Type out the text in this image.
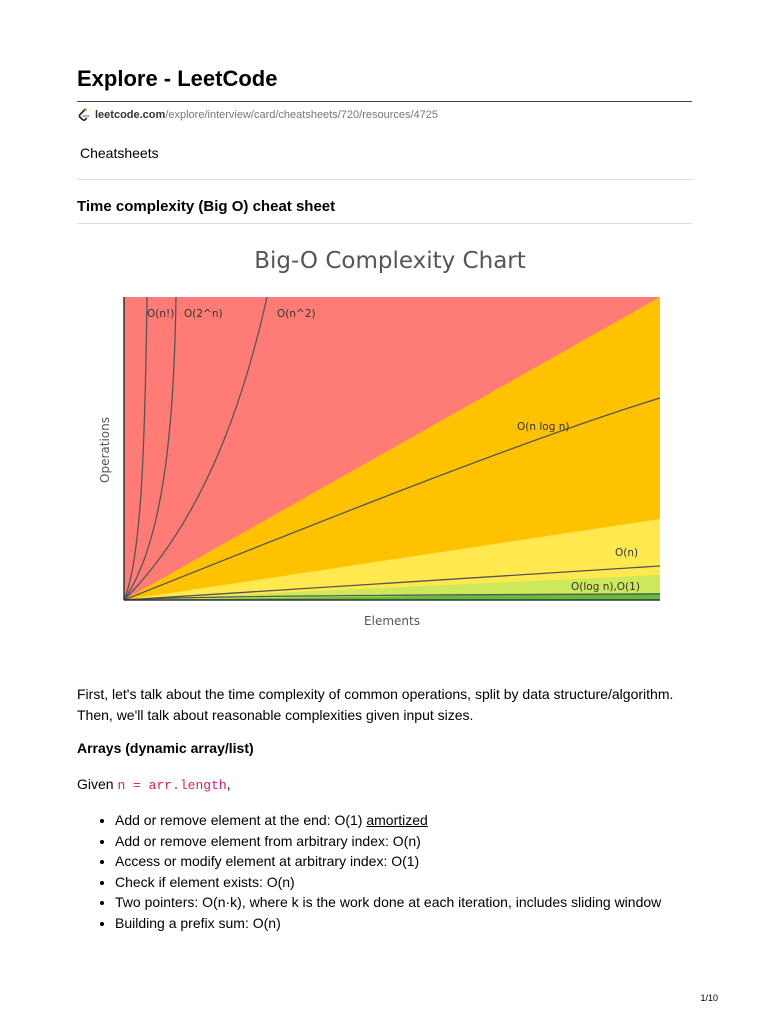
Explore - LeetCode
leetcode.com /explore/interview/card/cheatsheets/720/resources/4725
Cheatsheets
Time complexity (Big O) cheat sheet
Big-O Complexity Chart
O(n!) O(2^n)	O(n^2)
O(n log n)
O(n)
O(log n),O(1)
Operations
Elements

First, let's talk about the time complexity of common operations, split by data structure/algorithm. Then, we'll talk about reasonable complexities given input sizes.

Arrays (dynamic array/list)
Given n = arr.length,
• Add or remove element at the end: O(1) amortized
• Add or remove element from arbitrary index: O(n)
• Access or modify element at arbitrary index: O(1)
• Check if element exists: O(n)
• Two pointers: O(n·k), where k is the work done at each iteration, includes sliding window
• Building a prefix sum: O(n)
1/10
